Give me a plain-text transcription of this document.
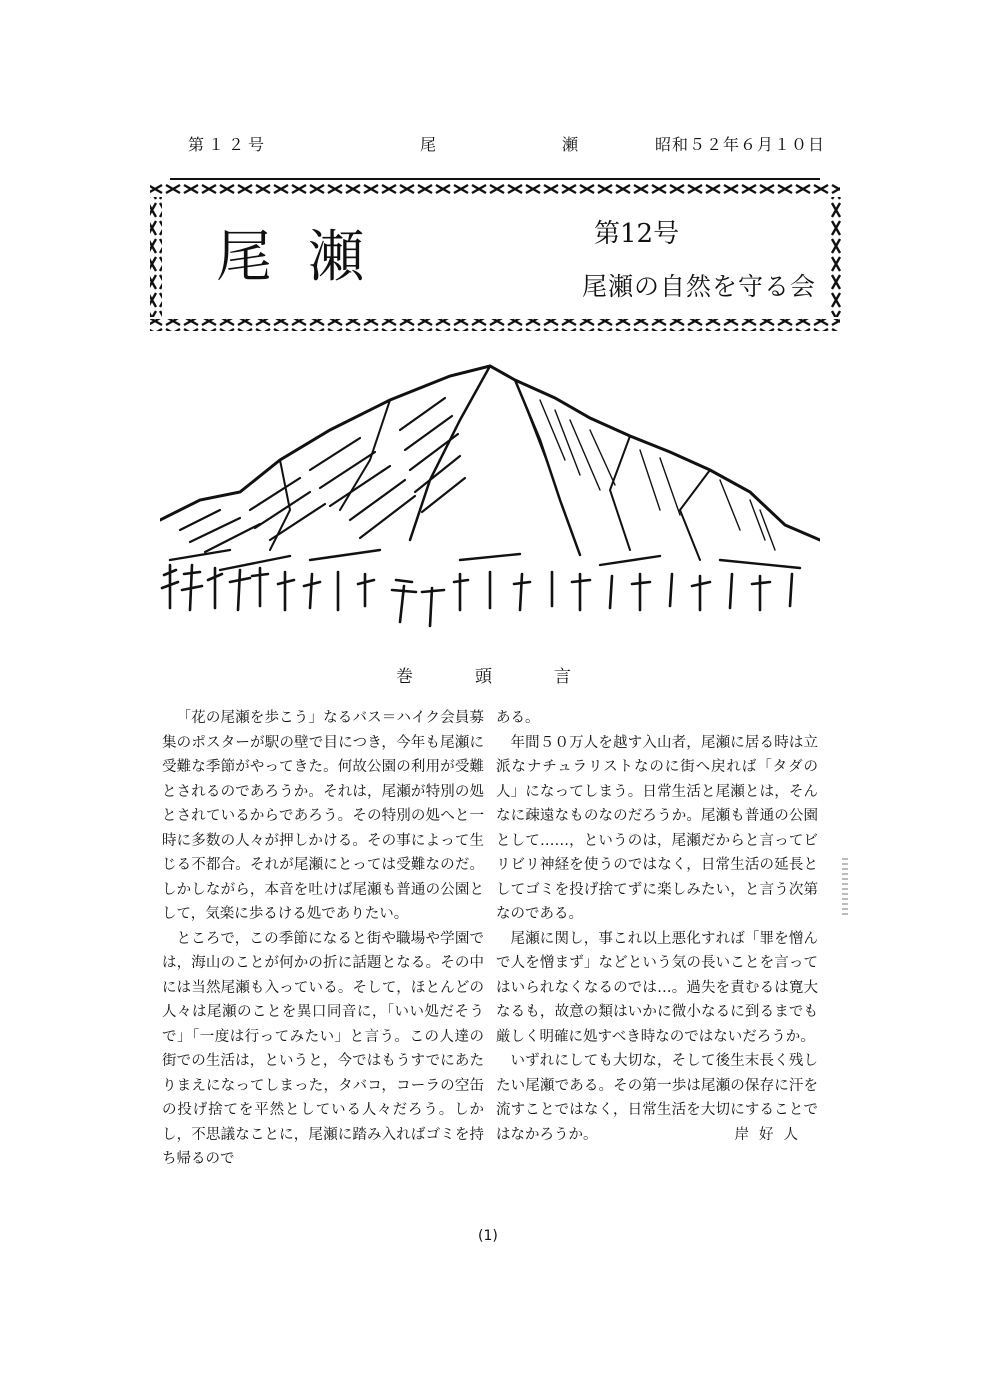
第１２号	尾	瀬	昭和５２年６月１０日
尾瀬	第12号
尾瀬の自然を守る会
巻頭言

「花の尾瀬を歩こう」なるバス＝ハイク会員募集のポスターが駅の壁で目につき，今年も尾瀬に受難な季節がやってきた。何故公園の利用が受難とされるのであろうか。それは，尾瀬が特別の処とされているからであろう。その特別の処へと一時に多数の人々が押しかける。その事によって生じる不都合。それが尾瀬にとっては受難なのだ。しかしながら，本音を吐けば尾瀬も普通の公園として，気楽に歩るける処でありたい。

ところで，この季節になると街や職場や学園では，海山のことが何かの折に話題となる。その中には当然尾瀬も入っている。そして，ほとんどの人々は尾瀬のことを異口同音に，「いい処だそうで」「一度は行ってみたい」と言う。この人達の街での生活は，というと，今ではもうすでにあたりまえになってしまった，タバコ，コーラの空缶の投げ捨てを平然としている人々だろう。しかし，不思議なことに，尾瀬に踏み入ればゴミを持ち帰るので

ある。

年間５０万人を越す入山者，尾瀬に居る時は立派なナチュラリストなのに街へ戻れば「タダの人」になってしまう。日常生活と尾瀬とは，そんなに疎遠なものなのだろうか。尾瀬も普通の公園として……，というのは，尾瀬だからと言ってビリビリ神経を使うのではなく，日常生活の延長としてゴミを投げ捨てずに楽しみたい，と言う次第なのである。

尾瀬に関し，事これ以上悪化すれば「罪を憎んで人を憎まず」などという気の長いことを言ってはいられなくなるのでは…。過失を責むるは寛大なるも，故意の類はいかに微小なるに到るまでも厳しく明確に処すべき時なのではないだろうか。

いずれにしても大切な，そして後生末長く残したい尾瀬である。その第一歩は尾瀬の保存に汗を流すことではなく，日常生活を大切にすることではなかろうか。	岸好人
(1)
